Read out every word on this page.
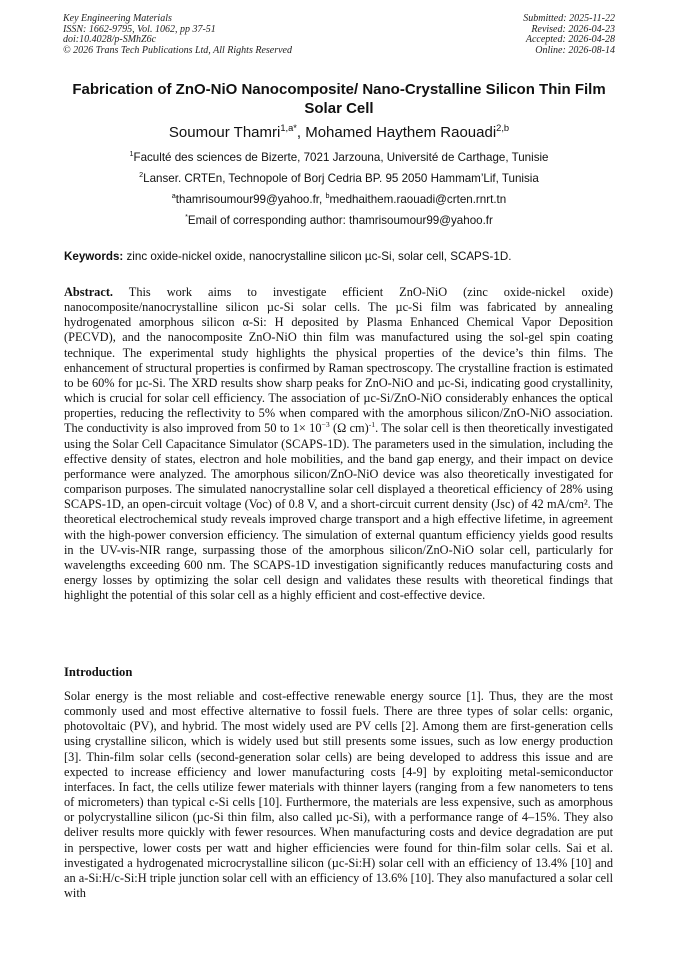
Key Engineering Materials
ISSN: 1662-9795, Vol. 1062, pp 37-51
doi:10.4028/p-SMhZ6c
© 2026 Trans Tech Publications Ltd, All Rights Reserved
Submitted: 2025-11-22
Revised: 2026-04-23
Accepted: 2026-04-28
Online: 2026-08-14
Fabrication of ZnO-NiO Nanocomposite/ Nano-Crystalline Silicon Thin Film Solar Cell
Soumour Thamri$^{1,a*}$, Mohamed Haythem Raouadi$^{2,b}$
$^1$Faculté des sciences de Bizerte, 7021 Jarzouna, Université de Carthage, Tunisie
$^2$Lanser. CRTEn, Technopole of Borj Cedria BP. 95 2050 Hammam’Lif, Tunisia
$^a$thamrisoumour99@yahoo.fr, $^b$medhaithem.raouadi@crten.rnrt.tn
*Email of corresponding author: thamrisoumour99@yahoo.fr
Keywords: zinc oxide-nickel oxide, nanocrystalline silicon µc-Si, solar cell, SCAPS-1D.
Abstract. This work aims to investigate efficient ZnO-NiO (zinc oxide-nickel oxide) nanocomposite/nanocrystalline silicon µc-Si solar cells. The µc-Si film was fabricated by annealing hydrogenated amorphous silicon α-Si: H deposited by Plasma Enhanced Chemical Vapor Deposition (PECVD), and the nanocomposite ZnO-NiO thin film was manufactured using the sol-gel spin coating technique. The experimental study highlights the physical properties of the device’s thin films. The enhancement of structural properties is confirmed by Raman spectroscopy. The crystalline fraction is estimated to be 60% for µc-Si. The XRD results show sharp peaks for ZnO-NiO and µc-Si, indicating good crystallinity, which is crucial for solar cell efficiency. The association of µc-Si/ZnO-NiO considerably enhances the optical properties, reducing the reflectivity to 5% when compared with the amorphous silicon/ZnO-NiO association. The conductivity is also improved from 50 to $1\times 10^{-3}$ (Ω cm)$^{-1}$. The solar cell is then theoretically investigated using the Solar Cell Capacitance Simulator (SCAPS-1D). The parameters used in the simulation, including the effective density of states, electron and hole mobilities, and the band gap energy, and their impact on device performance were analyzed. The amorphous silicon/ZnO-NiO device was also theoretically investigated for comparison purposes. The simulated nanocrystalline solar cell displayed a theoretical efficiency of 28% using SCAPS-1D, an open-circuit voltage (Voc) of 0.8 V, and a short-circuit current density (Jsc) of 42 mA/cm². The theoretical electrochemical study reveals improved charge transport and a high effective lifetime, in agreement with the high-power conversion efficiency. The simulation of external quantum efficiency yields good results in the UV-vis-NIR range, surpassing those of the amorphous silicon/ZnO-NiO solar cell, particularly for wavelengths exceeding 600 nm. The SCAPS-1D investigation significantly reduces manufacturing costs and energy losses by optimizing the solar cell design and validates these results with theoretical findings that highlight the potential of this solar cell as a highly efficient and cost-effective device.
Introduction
Solar energy is the most reliable and cost-effective renewable energy source [1]. Thus, they are the most commonly used and most effective alternative to fossil fuels. There are three types of solar cells: organic, photovoltaic (PV), and hybrid. The most widely used are PV cells [2]. Among them are first-generation cells using crystalline silicon, which is widely used but still presents some issues, such as low energy production [3]. Thin-film solar cells (second-generation solar cells) are being developed to address this issue and are expected to increase efficiency and lower manufacturing costs [4-9] by exploiting metal-semiconductor interfaces. In fact, the cells utilize fewer materials with thinner layers (ranging from a few nanometers to tens of micrometers) than typical c-Si cells [10]. Furthermore, the materials are less expensive, such as amorphous or polycrystalline silicon (µc-Si thin film, also called µc-Si), with a performance range of 4–15%. They also deliver results more quickly with fewer resources. When manufacturing costs and device degradation are put in perspective, lower costs per watt and higher efficiencies were found for thin-film solar cells. Sai et al. investigated a hydrogenated microcrystalline silicon (µc-Si:H) solar cell with an efficiency of 13.4% [10] and an a-Si:H/c-Si:H triple junction solar cell with an efficiency of 13.6% [10]. They also manufactured a solar cell with
